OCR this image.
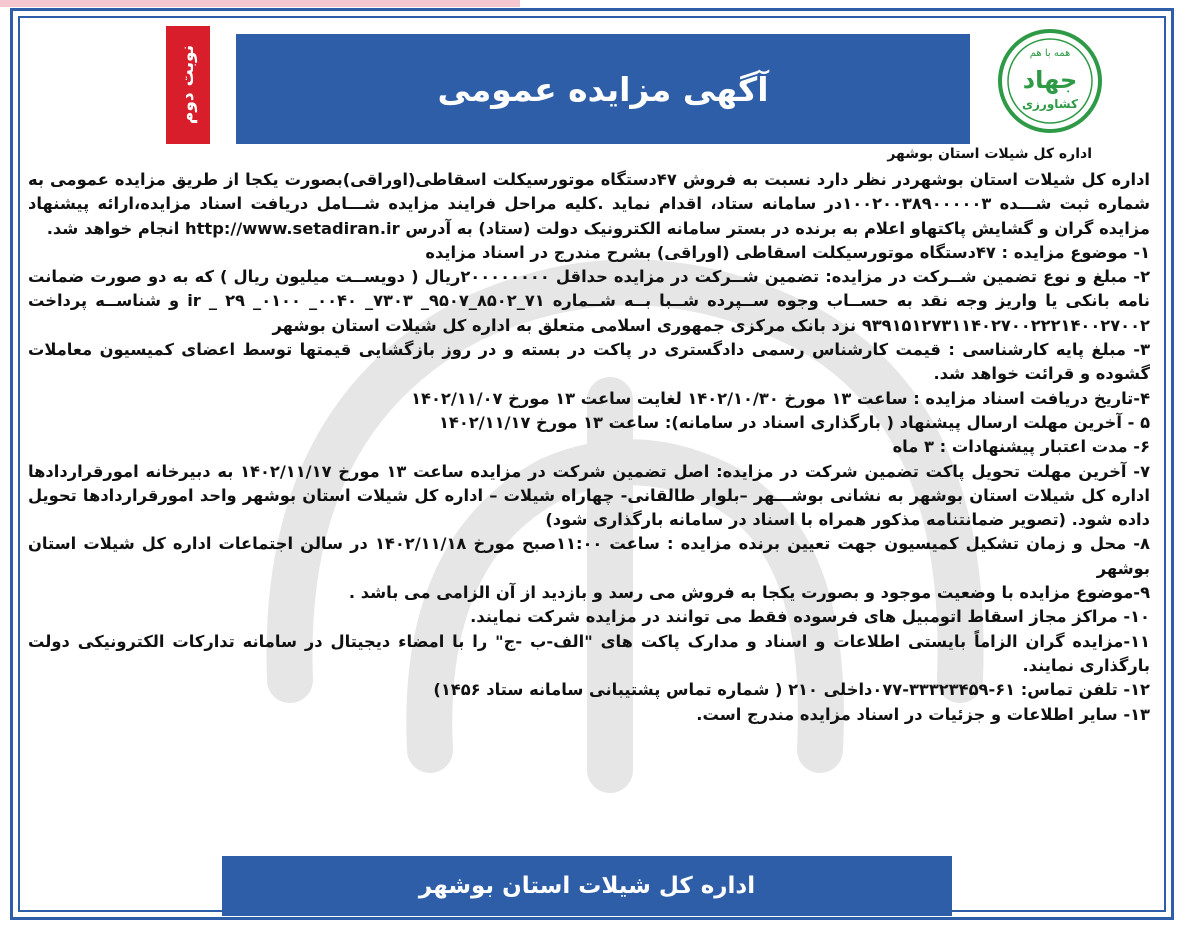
آگهی مزایده عمومی
نوبت دوم	همه با هم
جهاد
کشاورزی
اداره کل شیلات استان بوشهر

اداره کل شیلات استان بوشهردر نظر دارد نسبت به فروش ۴۷دستگاه موتورسیکلت اسقاطی(اوراقی)بصورت یکجا از طریق مزایده عمومی به شماره ثبت شـــده ۱۰۰۲۰۰۳۸۹۰۰۰۰۰۳در سامانه ستاد، اقدام نماید .کلیه مراحل فرایند مزایده شـــامل دریافت اسناد مزایده،ارائه پیشنهاد مزایده گران و گشایش پاکتهاو اعلام به برنده در بستر سامانه الکترونیک دولت (ستاد) به آدرس http://www.setadiran.ir انجام خواهد شد.

۱- موضوع مزایده : ۴۷دستگاه موتورسیکلت اسقاطی (اوراقی) بشرح مندرج در اسناد مزایده

۲- مبلغ و نوع تضمین شــرکت در مزایده: تضمین شــرکت در مزایده حداقل ۲۰۰۰۰۰۰۰۰ریال ( دویســت میلیون ریال ) که به دو صورت ضمانت نامه بانکی یا واریز وجه نقد به حســاب وجوه ســپرده شــبا بــه شــماره ۷۱_۸۵۰۲_۹۵۰۷_ ۷۳۰۳_ ۰۰۴۰_ ۰۱۰۰_ ۲۹ _ ir و شناســه پرداخت ۹۳۹۱۵۱۲۷۳۱۱۴۰۲۷۰۰۲۲۲۱۴۰۰۲۷۰۰۲ نزد بانک مرکزی جمهوری اسلامی متعلق به اداره کل شیلات استان بوشهر

۳- مبلغ پایه کارشناسی : قیمت کارشناس رسمی دادگستری در پاکت در بسته و در روز بازگشایی قیمتها توسط اعضای کمیسیون معاملات گشوده و قرائت خواهد شد.

۴-تاریخ دریافت اسناد مزایده : ساعت ۱۳ مورخ ۱۴۰۲/۱۰/۳۰ لغایت ساعت ۱۳ مورخ ۱۴۰۲/۱۱/۰۷

۵ - آخرین مهلت ارسال پیشنهاد ( بارگذاری اسناد در سامانه): ساعت ۱۳ مورخ ۱۴۰۲/۱۱/۱۷

۶- مدت اعتبار پیشنهادات : ۳ ماه

۷- آخرین مهلت تحویل پاکت تضمین شرکت در مزایده: اصل تضمین شرکت در مزایده ساعت ۱۳ مورخ ۱۴۰۲/۱۱/۱۷ به دبیرخانه امورقراردادها اداره کل شیلات استان بوشهر به نشانی بوشـــهر –بلوار طالقانی- چهاراه شیلات – اداره کل شیلات استان بوشهر واحد امورقراردادها تحویل داده شود. (تصویر ضمانتنامه مذکور همراه با اسناد در سامانه بارگذاری شود)

۸- محل و زمان تشکیل کمیسیون جهت تعیین برنده مزایده : ساعت ۱۱:۰۰صبح مورخ ۱۴۰۲/۱۱/۱۸ در سالن اجتماعات اداره کل شیلات استان بوشهر

۹-موضوع مزایده با وضعیت موجود و بصورت یکجا به فروش می رسد و بازدید از آن الزامی می باشد .

۱۰- مراکز مجاز اسقاط اتومبیل های فرسوده فقط می توانند در مزایده شرکت نمایند.

۱۱-مزایده گران الزاماً بایستی اطلاعات و اسناد و مدارک پاکت های "الف-ب -ج" را با امضاء دیجیتال در سامانه تدارکات الکترونیکی دولت بارگذاری نمایند.

۱۲- تلفن تماس: ۶۱-۳۳۳۲۳۴۵۹-۰۷۷داخلی ۲۱۰ ( شماره تماس پشتیبانی سامانه ستاد ۱۴۵۶)

۱۳- سایر اطلاعات و جزئیات در اسناد مزایده مندرج است.

اداره کل شیلات استان بوشهر
